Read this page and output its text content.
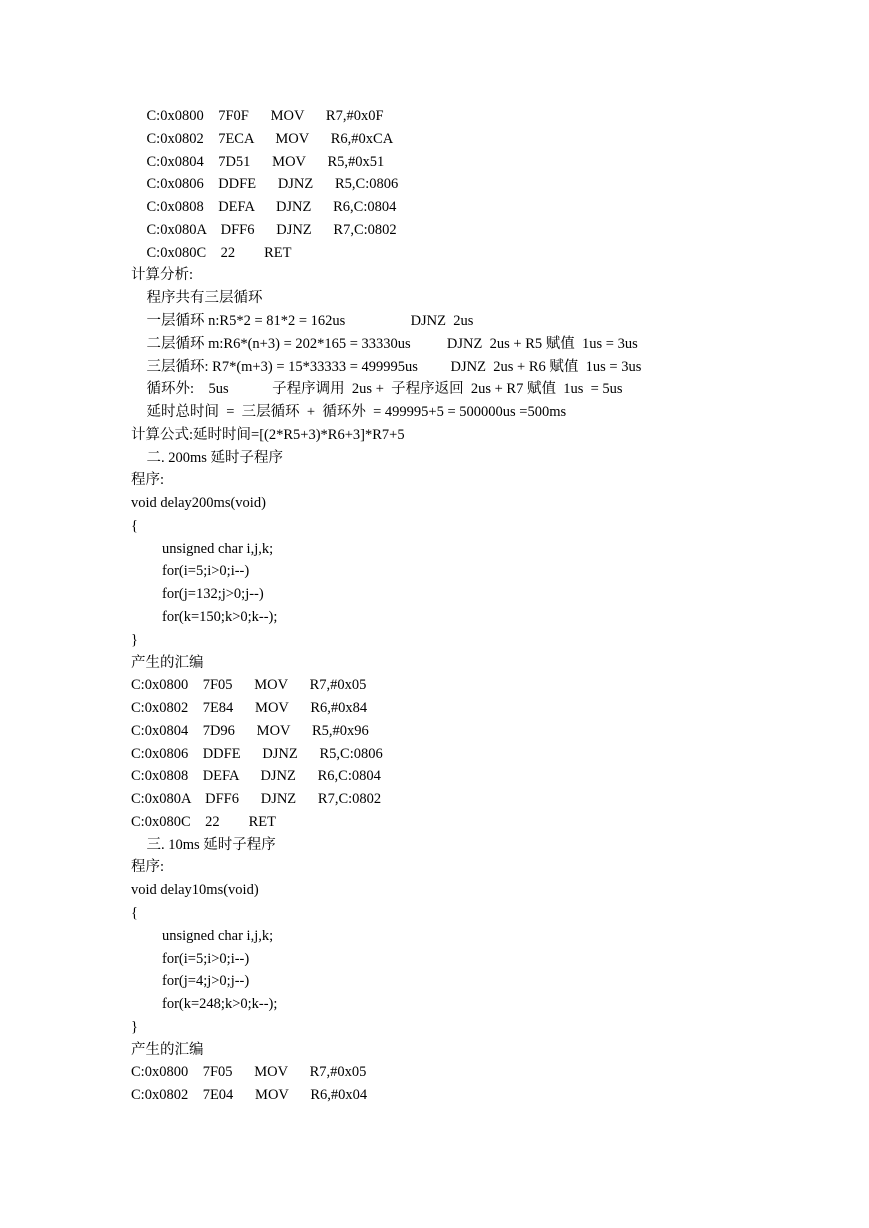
C:0x0800    7F0F      MOV      R7,#0x0F
C:0x0802    7ECA      MOV      R6,#0xCA
C:0x0804    7D51      MOV      R5,#0x51
C:0x0806    DDFE      DJNZ      R5,C:0806
C:0x0808    DEFA      DJNZ      R6,C:0804
C:0x080A    DFF6      DJNZ      R7,C:0802
C:0x080C    22        RET
计算分析:
程序共有三层循环
一层循环 n:R5*2 = 81*2 = 162us                  DJNZ  2us
二层循环 m:R6*(n+3) = 202*165 = 33330us          DJNZ  2us + R5 赋值  1us = 3us
三层循环: R7*(m+3) = 15*33333 = 499995us         DJNZ  2us + R6 赋值  1us = 3us
循环外:    5us            子程序调用  2us +  子程序返回  2us + R7 赋值  1us  = 5us
延时总时间  =  三层循环  +  循环外  = 499995+5 = 500000us =500ms
计算公式:延时时间=[(2*R5+3)*R6+3]*R7+5
二. 200ms 延时子程序
程序:
void delay200ms(void)
{
unsigned char i,j,k;
for(i=5;i>0;i--)
for(j=132;j>0;j--)
for(k=150;k>0;k--);
}
产生的汇编
C:0x0800    7F05      MOV      R7,#0x05
C:0x0802    7E84      MOV      R6,#0x84
C:0x0804    7D96      MOV      R5,#0x96
C:0x0806    DDFE      DJNZ      R5,C:0806
C:0x0808    DEFA      DJNZ      R6,C:0804
C:0x080A    DFF6      DJNZ      R7,C:0802
C:0x080C    22        RET
三. 10ms 延时子程序
程序:
void delay10ms(void)
{
unsigned char i,j,k;
for(i=5;i>0;i--)
for(j=4;j>0;j--)
for(k=248;k>0;k--);
}
产生的汇编
C:0x0800    7F05      MOV      R7,#0x05
C:0x0802    7E04      MOV      R6,#0x04
